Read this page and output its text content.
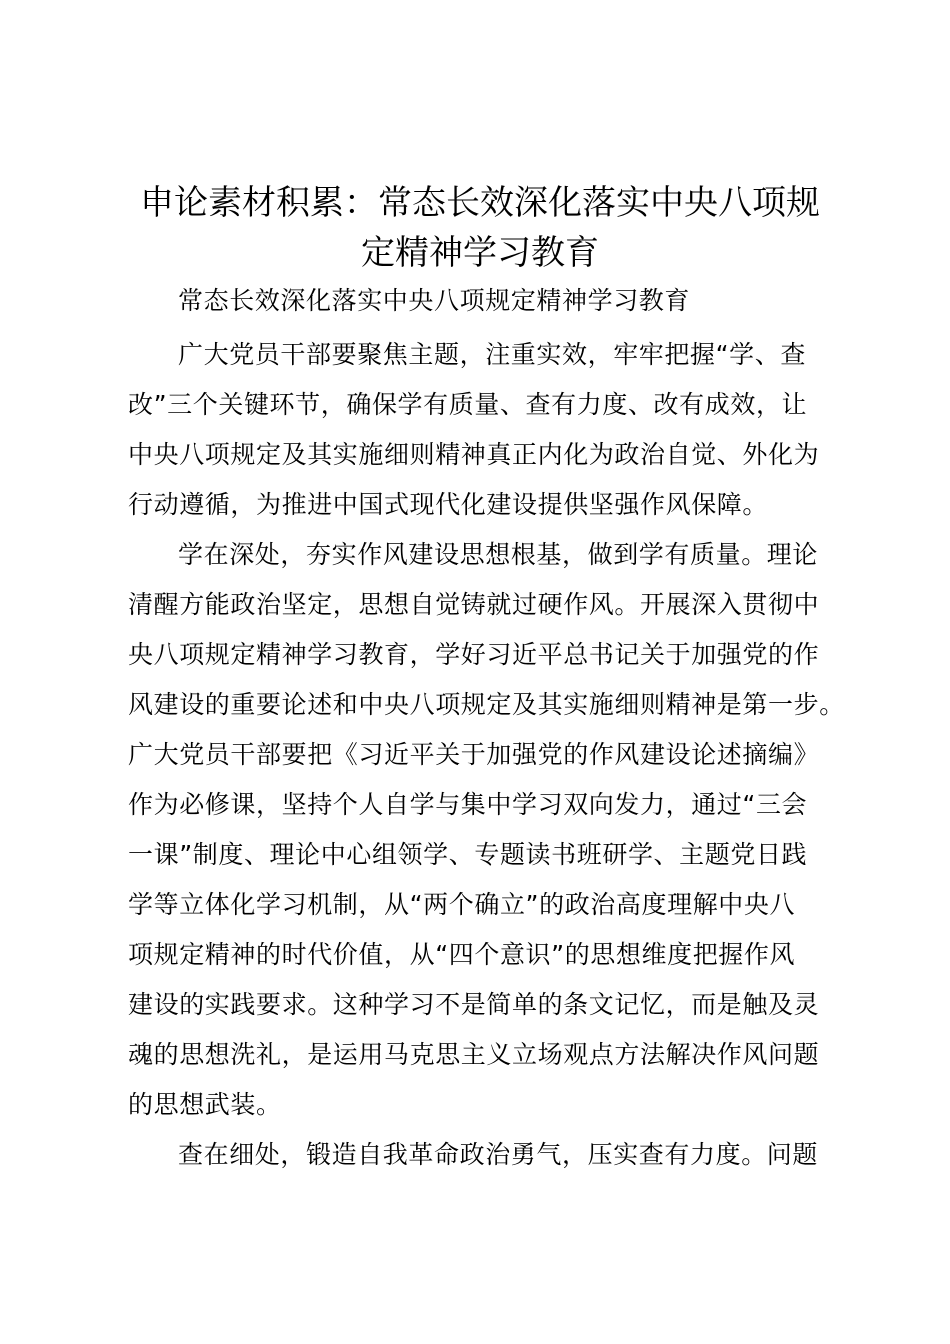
申论素材积累：常态长效深化落实中央八项规
定精神学习教育

常态长效深化落实中央八项规定精神学习教育

广大党员干部要聚焦主题，注重实效，牢牢把握“学、查

改”三个关键环节，确保学有质量、查有力度、改有成效，让

中央八项规定及其实施细则精神真正内化为政治自觉、外化为

行动遵循，为推进中国式现代化建设提供坚强作风保障。

学在深处，夯实作风建设思想根基，做到学有质量。理论

清醒方能政治坚定，思想自觉铸就过硬作风。开展深入贯彻中

央八项规定精神学习教育，学好习近平总书记关于加强党的作

风建设的重要论述和中央八项规定及其实施细则精神是第一步。

广大党员干部要把《习近平关于加强党的作风建设论述摘编》

作为必修课，坚持个人自学与集中学习双向发力，通过“三会

一课”制度、理论中心组领学、专题读书班研学、主题党日践

学等立体化学习机制，从“两个确立”的政治高度理解中央八

项规定精神的时代价值，从“四个意识”的思想维度把握作风

建设的实践要求。这种学习不是简单的条文记忆，而是触及灵

魂的思想洗礼，是运用马克思主义立场观点方法解决作风问题

的思想武装。

查在细处，锻造自我革命政治勇气，压实查有力度。问题
